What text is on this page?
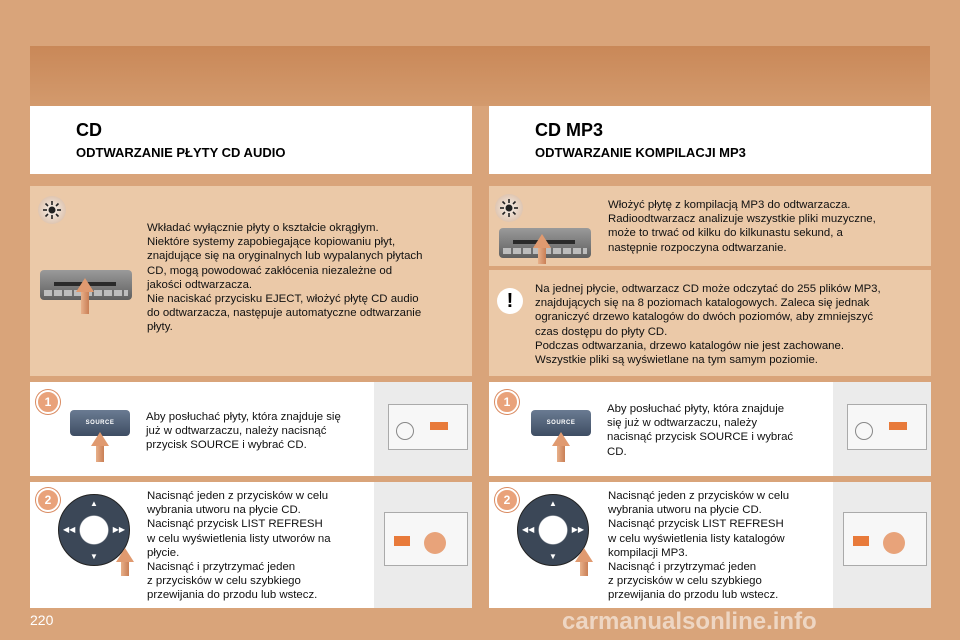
CD
ODTWARZANIE PŁYTY CD AUDIO
Wkładać wyłącznie płyty o kształcie okrągłym.
Niektóre systemy zapobiegające kopiowaniu płyt,
znajdujące się na oryginalnych lub wypalanych płytach
CD, mogą powodować zakłócenia niezależne od
jakości odtwarzacza.
Nie naciskać przycisku EJECT, włożyć płytę CD audio
do odtwarzacza, następuje automatyczne odtwarzanie
płyty.
1
SOURCE	Aby posłuchać płyty, która znajduje się
już w odtwarzaczu, należy nacisnąć
przycisk SOURCE i wybrać CD.
2
◀◀	▶▶
▲
▼
Nacisnąć jeden z przycisków w celu
wybrania utworu na płycie CD.
Nacisnąć przycisk LIST REFRESH
w celu wyświetlenia listy utworów na
płycie.
Nacisnąć i przytrzymać jeden
z przycisków w celu szybkiego
przewijania do przodu lub wstecz.
CD MP3
ODTWARZANIE KOMPILACJI MP3
Włożyć płytę z kompilacją MP3 do odtwarzacza.
Radioodtwarzacz analizuje wszystkie pliki muzyczne,
może to trwać od kilku do kilkunastu sekund, a
następnie rozpoczyna odtwarzanie.
!
Na jednej płycie, odtwarzacz CD może odczytać do 255 plików MP3,
znajdujących się na 8 poziomach katalogowych. Zaleca się jednak
ograniczyć drzewo katalogów do dwóch poziomów, aby zmniejszyć
czas dostępu do płyty CD.
Podczas odtwarzania, drzewo katalogów nie jest zachowane.
Wszystkie pliki są wyświetlane na tym samym poziomie.
1
SOURCE
Aby posłuchać płyty, która znajduje
się już w odtwarzaczu, należy
nacisnąć przycisk SOURCE i wybrać
CD.
2
◀◀	▶▶
▲
▼
Nacisnąć jeden z przycisków w celu
wybrania utworu na płycie CD.
Nacisnąć przycisk LIST REFRESH
w celu wyświetlenia listy katalogów
kompilacji MP3.
Nacisnąć i przytrzymać jeden
z przycisków w celu szybkiego
przewijania do przodu lub wstecz.
220	carmanualsonline.info
